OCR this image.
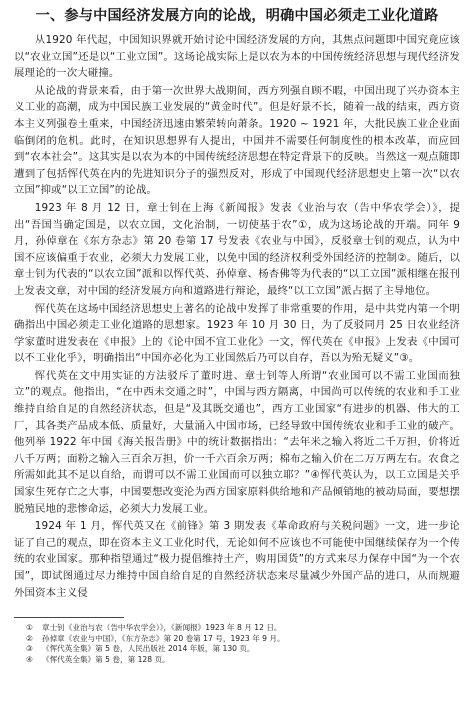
一、参与中国经济发展方向的论战，明确中国必须走工业化道路

从1920 年代起，中国知识界就开始讨论中国经济发展的方向，其焦点问题即中国究竟应该以“农业立国”还是以“工业立国”。这场论战实际上是以农为本的中国传统经济思想与现代经济发展理论的一次大碰撞。

从论战的背景来看，由于第一次世界大战期间，西方列强自顾不暇，中国出现了兴办资本主义工业的高潮，成为中国民族工业发展的“黄金时代”。但是好景不长，随着一战的结束，西方资本主义列强卷土重来，中国经济迅速由繁荣转向萧条。1920 ~ 1921 年，大批民族工业企业面临倒闭的危机。此时，在知识思想界有人提出，中国并不需要任何制度性的根本改革，而应回到“农本社会”。这其实是以农为本的中国传统经济思想在特定背景下的反映。当然这一观点随即遭到了包括恽代英在内的先进知识分子的强烈反对，形成了中国现代经济思想史上第一次“以农立国”抑或“以工立国”的论战。

1923 年 8 月 12 日，章士钊在上海《新闻报》发表《业治与农（告中华农学会）》，提出“吾国当确定国是，以农立国，文化治制，一切使基于农”①，成为这场论战的开端。同年 9 月，孙倬章在《东方杂志》第 20 卷第 17 号发表《农业与中国》，反驳章士钊的观点，认为中国不应该偏重于农业，必须大力发展工业，以免中国的经济权利受外国经济的控制②。随后，以章士钊为代表的“以农立国”派和以恽代英、孙倬章、杨杏佛等为代表的“以工立国”派相继在报刊上发表文章，对中国的经济发展方向和道路进行辩论，最终“以工立国”派占据了主导地位。

恽代英在这场中国经济思想史上著名的论战中发挥了非常重要的作用，是中共党内第一个明确指出中国必须走工业化道路的思想家。1923 年 10 月 30 日，为了反驳同月 25 日农业经济学家董时进发表在《申报》上的《论中国不宜工业化》一文，恽代英在《申报》上发表《中国可以不工业化乎》，明确指出“中国亦必化为工业国然后乃可以自存，吾以为殆无疑义”③。

恽代英在文中用实证的方法驳斥了董时进、章士钊等人所谓“农业国可以不需工业国而独立”的观点。他指出，“在中西未交通之时”，中国与西方隔离，中国尚可以传统的农业和手工业维持自给自足的自然经济状态，但是“及其既交通也”，西方工业国家“有进步的机器、伟大的工厂，其各类产品成本低、质量好，大量涌入中国市场，已经导致中国传统农业和手工业的破产。他列举 1922 年中国《海关报告册》中的统计数据指出：“去年米之输入将近二千万担，价将近八千万两；面粉之输入三百余万担，价一千六百余万两；棉布之输入价在二万万两左右。农食之所需如此其不足以自给，而谓可以不需工业国而可以独立耶？”④恽代英认为，以工立国是关乎国家生死存亡之大事，中国要想改变沦为西方国家原料供给地和产品倾销地的被动局面，要想摆脱殖民地的悲惨命运，必须大力发展工业。

1924 年 1 月，恽代英又在《前锋》第 3 期发表《革命政府与关税问题》一文，进一步论证了自己的观点，即在资本主义工业化时代，无论如何不应该也不可能使中国继续保存为一个传统的农业国家。那种指望通过“极力提倡维持土产，购用国货”的方式来尽力保存中国“为一个农国”，即试图通过尽力维持中国自给自足的自然经济状态来尽量减少外国产品的进口，从而规避外国资本主义侵

①	章士钊《业治与农（告中华农学会）》，《新闻报》1923 年 8 月 12 日。
②	孙倬章《农业与中国》，《东方杂志》第 20 卷第 17 号，1923 年 9 月。
③	《恽代英全集》第 5 卷，人民出版社 2014 年版，第 130 页。
④	《恽代英全集》第 5 卷，第 128 页。
